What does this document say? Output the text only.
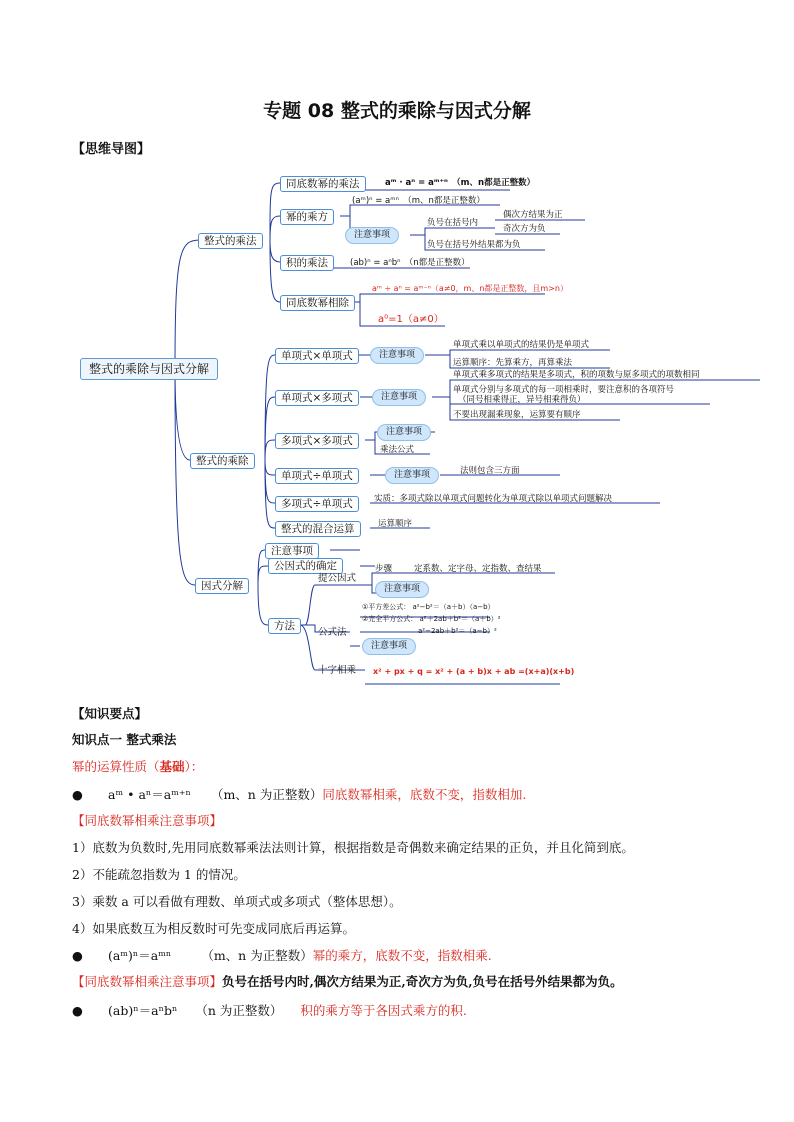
专题 08 整式的乘除与因式分解
【思维导图】
整式的乘除与因式分解
整式的乘法
同底数幂的乘法	aᵐ · aⁿ = aᵐ⁺ⁿ　（m、n都是正整数）
幂的乘方
(aᵐ)ⁿ = aᵐⁿ　（m、n都是正整数）
注意事项
负号在括号内
偶次方结果为正
奇次方为负
负号在括号外结果都为负
积的乘法	(ab)ⁿ = aⁿbⁿ　（n都是正整数）
同底数幂相除
aᵐ ÷ aⁿ = aᵐ⁻ⁿ（a≠0，m、n都是正整数，且m>n）
a⁰=1（a≠0）
整式的乘除
单项式×单项式	注意事项
单项式乘以单项式的结果仍是单项式
运算顺序：先算乘方，再算乘法
单项式×多项式	注意事项
单项式乘多项式的结果是多项式，积的项数与原多项式的项数相同
单项式分别与多项式的每一项相乘时，要注意积的各项符号
（同号相乘得正，异号相乘得负）
不要出现漏乘现象，运算要有顺序
多项式×多项式
注意事项
乘法公式
单项式÷单项式	注意事项	法则包含三方面
多项式÷单项式	实质：多项式除以单项式问题转化为单项式除以单项式问题解决
整式的混合运算	运算顺序
因式分解
注意事项
公因式的确定
方法
提公因式
步骤	定系数、定字母、定指数、查结果
注意事项
①平方差公式： a²−b²＝（a＋b）（a−b）
②完全平方公式： a²＋2ab＋b²＝（a＋b）²
a²−2ab＋b²＝（a−b）²
公式法
注意事项
十字相乘 x² + px + q = x² + (a + b)x + ab =(x+a)(x+b)
【知识要点】
知识点一 整式乘法
幂的运算性质（基础）：
● aᵐ • aⁿ＝aᵐ⁺ⁿ （m、n 为正整数）同底数幂相乘，底数不变，指数相加.
【同底数幂相乘注意事项】
1）底数为负数时,先用同底数幂乘法法则计算，根据指数是奇偶数来确定结果的正负，并且化简到底。
2）不能疏忽指数为 1 的情况。
3）乘数 a 可以看做有理数、单项式或多项式（整体思想）。
4）如果底数互为相反数时可先变成同底后再运算。
● (aᵐ)ⁿ＝aᵐⁿ （m、n 为正整数）幂的乘方，底数不变，指数相乘.
【同底数幂相乘注意事项】负号在括号内时,偶次方结果为正,奇次方为负,负号在括号外结果都为负。
● (ab)ⁿ＝aⁿbⁿ （n 为正整数） 积的乘方等于各因式乘方的积.
